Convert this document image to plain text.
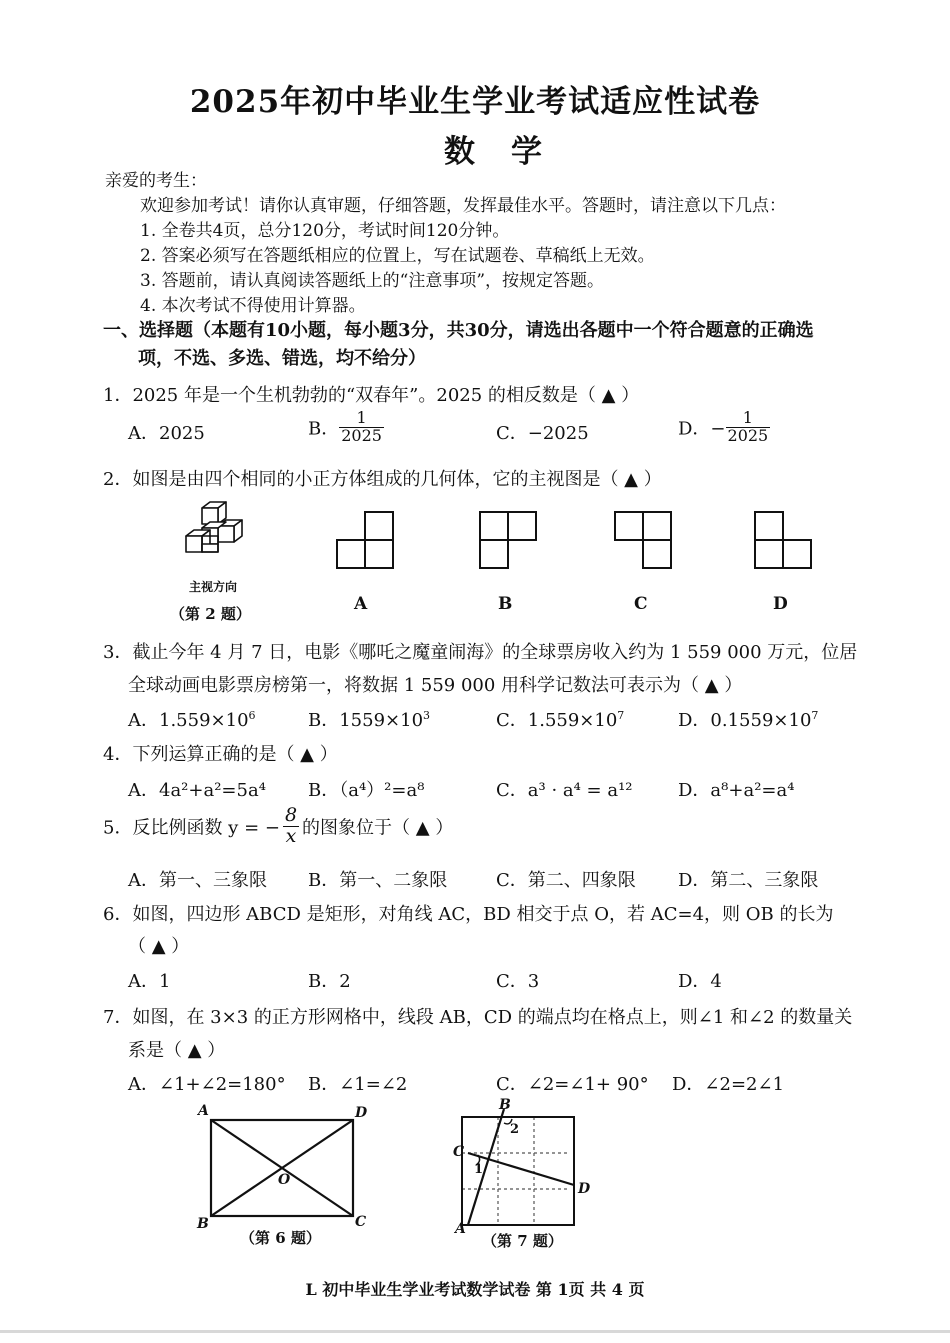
2025年初中毕业生学业考试适应性试卷
数学
亲爱的考生：
欢迎参加考试！请你认真审题，仔细答题，发挥最佳水平。答题时，请注意以下几点：
1. 全卷共4页，总分120分，考试时间120分钟。
2. 答案必须写在答题纸相应的位置上，写在试题卷、草稿纸上无效。
3. 答题前，请认真阅读答题纸上的“注意事项”，按规定答题。
4. 本次考试不得使用计算器。
一、选择题（本题有10小题，每小题3分，共30分，请选出各题中一个符合题意的正确选
项，不选、多选、错选，均不给分）
1．2025 年是一个生机勃勃的“双春年”。2025 的相反数是（ ▲ ）
A．2025	B． $\frac{1}{2025}$	C．−2025	D．− $\frac{1}{2025}$
2．如图是由四个相同的小正方体组成的几何体，它的主视图是（ ▲ ）
主视方向
（第 2 题）	A	B	C	D
3．截止今年 4 月 7 日，电影《哪吒之魔童闹海》的全球票房收入约为 1 559 000 万元，位居
全球动画电影票房榜第一，将数据 1 559 000 用科学记数法可表示为（ ▲ ）
A．$1.559\times 10^6$	B．$1559\times 10^3$	C．$1.559\times 10^7$	D．$0.1559\times 10^7$
4．下列运算正确的是（ ▲ ）
A．4a²+a²=5a⁴ B．（a⁴）²=a⁸	C．a³ · a⁴ = a¹²	D．a⁸+a²=a⁴
5．反比例函数 y = − $\frac{8}{x}$ 的图象位于（ ▲ ）
A．第一、三象限 B．第一、二象限	C．第二、四象限 D．第二、三象限
6．如图，四边形 ABCD 是矩形，对角线 AC，BD 相交于点 O，若 AC=4，则 OB 的长为
（ ▲ ）
A．1	B．2	C．3	D．4
7．如图，在 3×3 的正方形网格中，线段 AB，CD 的端点均在格点上，则∠1 和∠2 的数量关
系是（ ▲ ）
A．∠1+∠2=180° B．∠1=∠2	C．∠2=∠1+ 90° D．∠2=2∠1
A	D
B	C
O
（第 6 题）
B
C
D
A
2
1
（第 7 题）
L 初中毕业生学业考试数学试卷 第 1页 共 4 页
